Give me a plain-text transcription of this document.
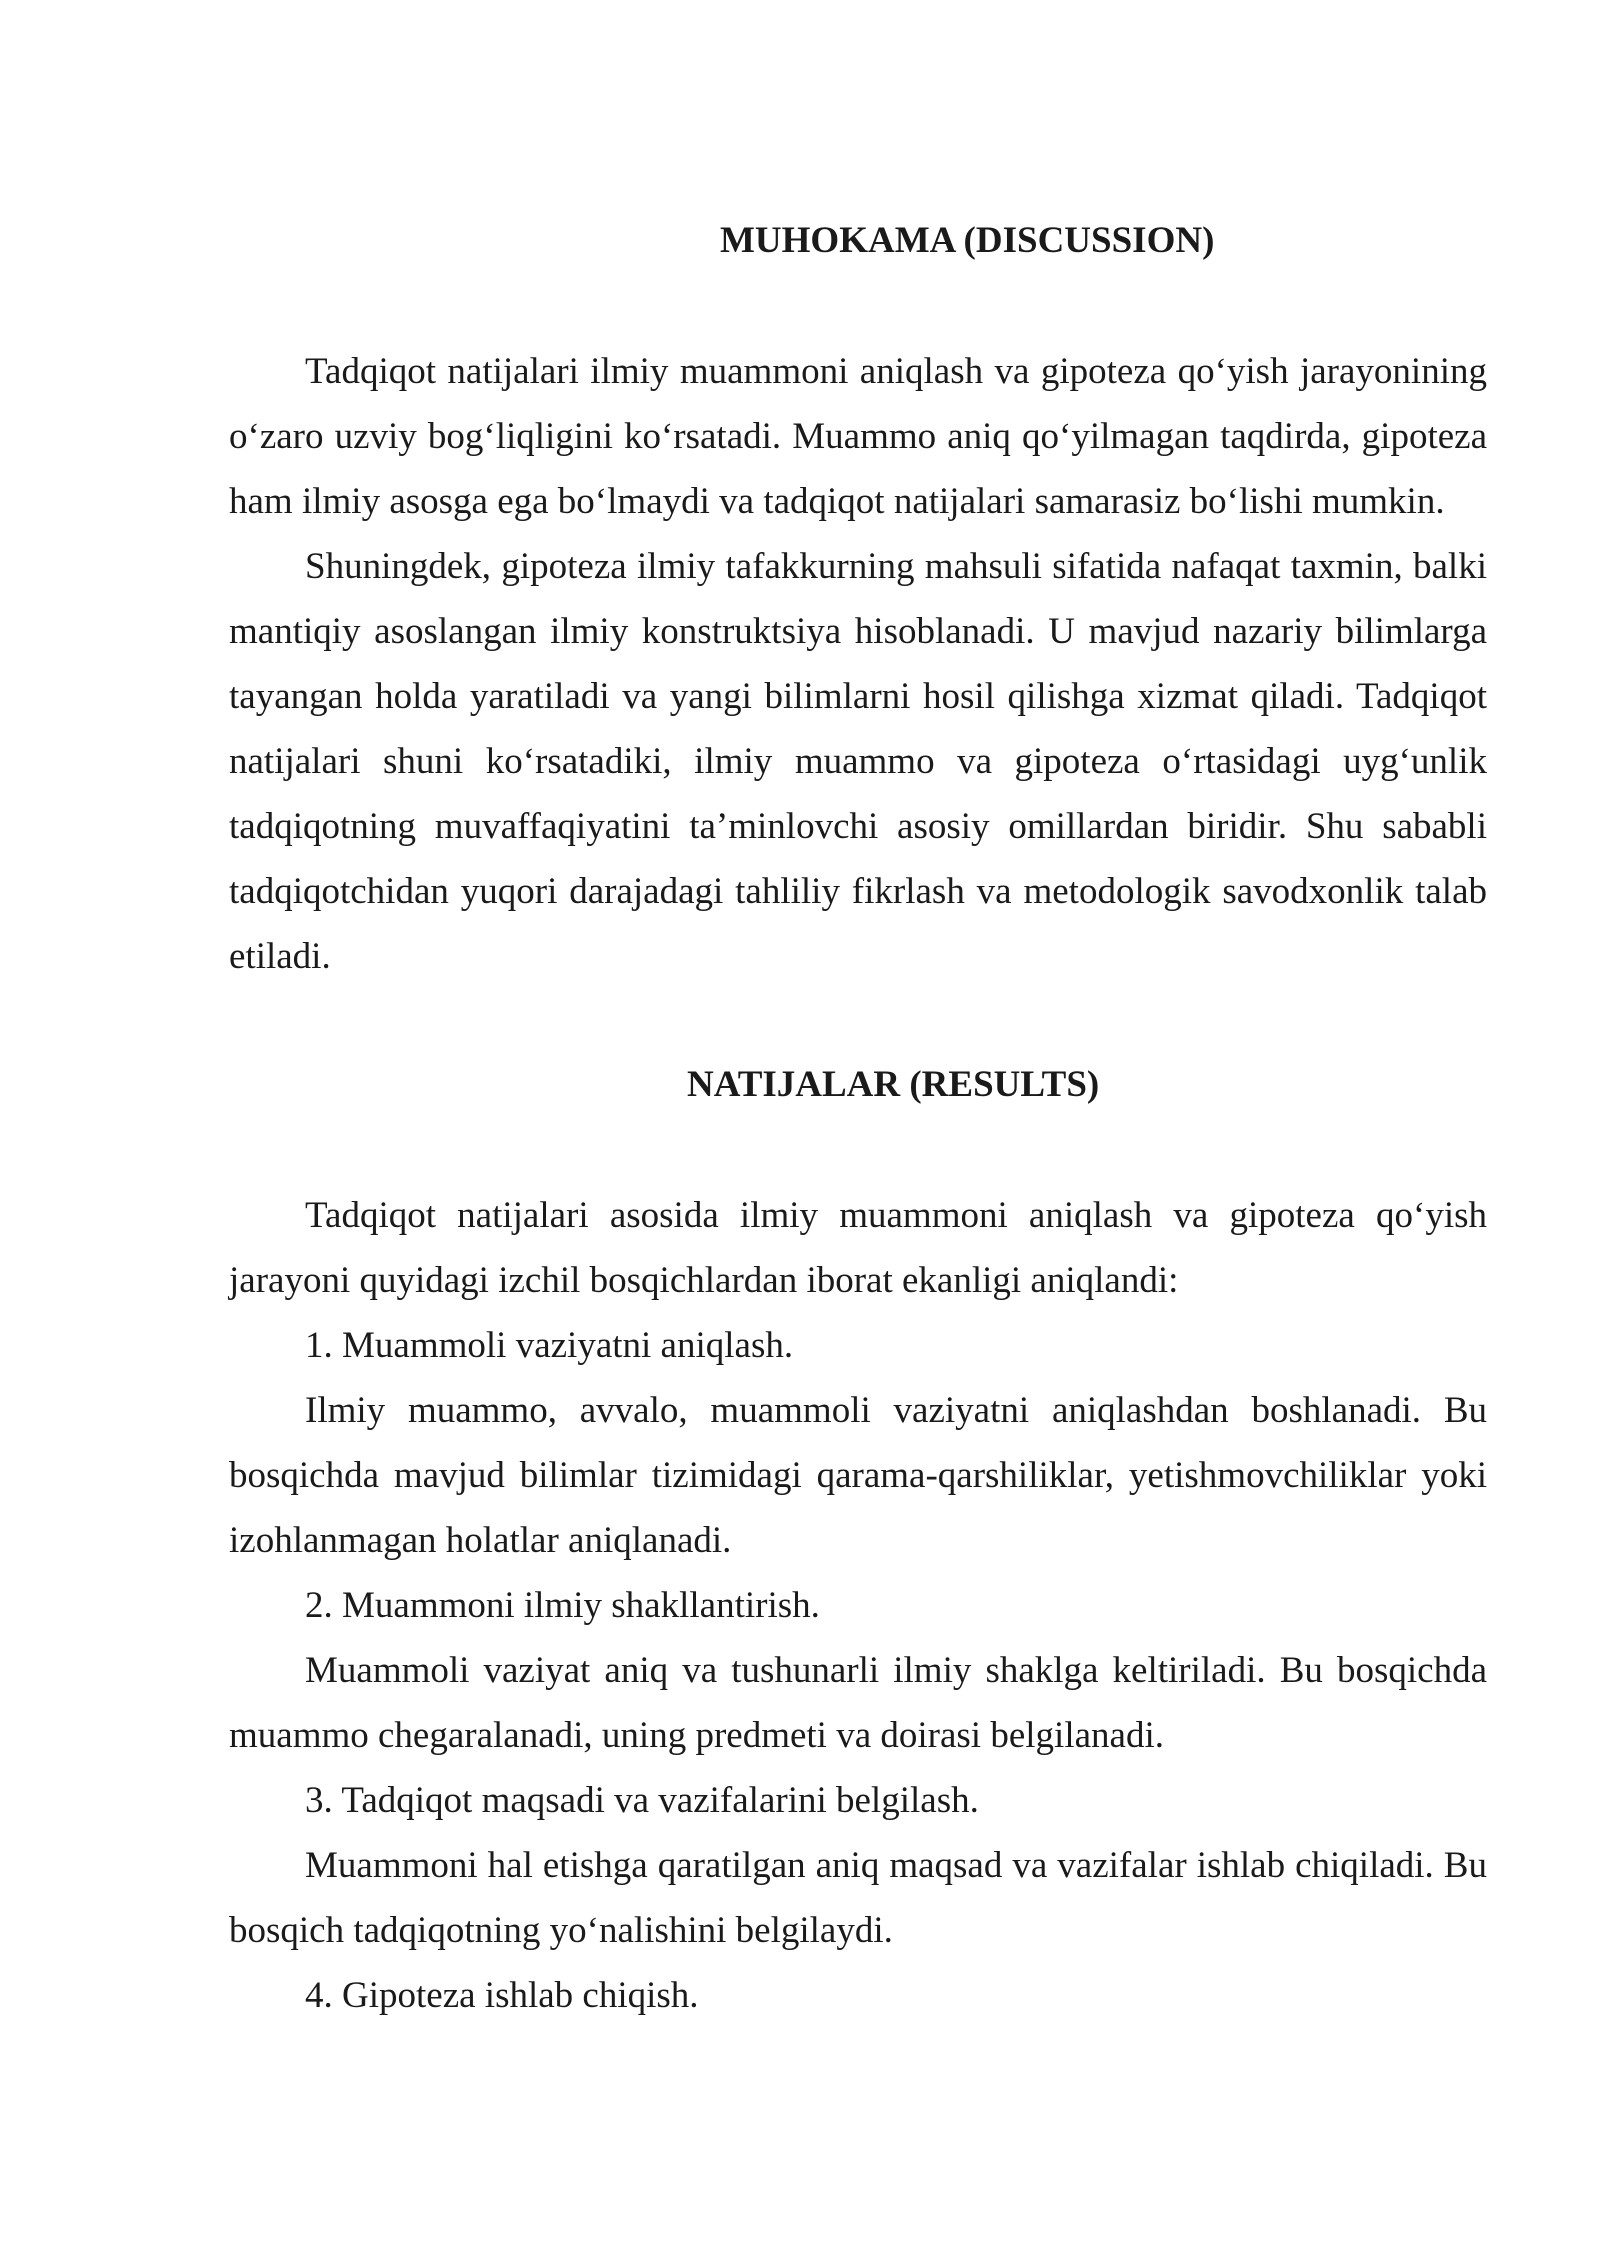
MUHOKAMA (DISCUSSION)

Tadqiqot natijalari ilmiy muammoni aniqlash va gipoteza qo‘yish jarayonining o‘zaro uzviy bog‘liqligini ko‘rsatadi. Muammo aniq qo‘yilmagan taqdirda, gipoteza ham ilmiy asosga ega bo‘lmaydi va tadqiqot natijalari samarasiz bo‘lishi mumkin.

Shuningdek, gipoteza ilmiy tafakkurning mahsuli sifatida nafaqat taxmin, balki mantiqiy asoslangan ilmiy konstruktsiya hisoblanadi. U mavjud nazariy bilimlarga tayangan holda yaratiladi va yangi bilimlarni hosil qilishga xizmat qiladi. Tadqiqot natijalari shuni ko‘rsatadiki, ilmiy muammo va gipoteza o‘rtasidagi uyg‘unlik tadqiqotning muvaffaqiyatini ta’minlovchi asosiy omillardan biridir. Shu sababli tadqiqotchidan yuqori darajadagi tahliliy fikrlash va metodologik savodxonlik talab etiladi.

NATIJALAR (RESULTS)

Tadqiqot natijalari asosida ilmiy muammoni aniqlash va gipoteza qo‘yish jarayoni quyidagi izchil bosqichlardan iborat ekanligi aniqlandi:

1. Muammoli vaziyatni aniqlash.

Ilmiy muammo, avvalo, muammoli vaziyatni aniqlashdan boshlanadi. Bu bosqichda mavjud bilimlar tizimidagi qarama-qarshiliklar, yetishmovchiliklar yoki izohlanmagan holatlar aniqlanadi.

2. Muammoni ilmiy shakllantirish.

Muammoli vaziyat aniq va tushunarli ilmiy shaklga keltiriladi. Bu bosqichda muammo chegaralanadi, uning predmeti va doirasi belgilanadi.

3. Tadqiqot maqsadi va vazifalarini belgilash.

Muammoni hal etishga qaratilgan aniq maqsad va vazifalar ishlab chiqiladi. Bu bosqich tadqiqotning yo‘nalishini belgilaydi.

4. Gipoteza ishlab chiqish.
